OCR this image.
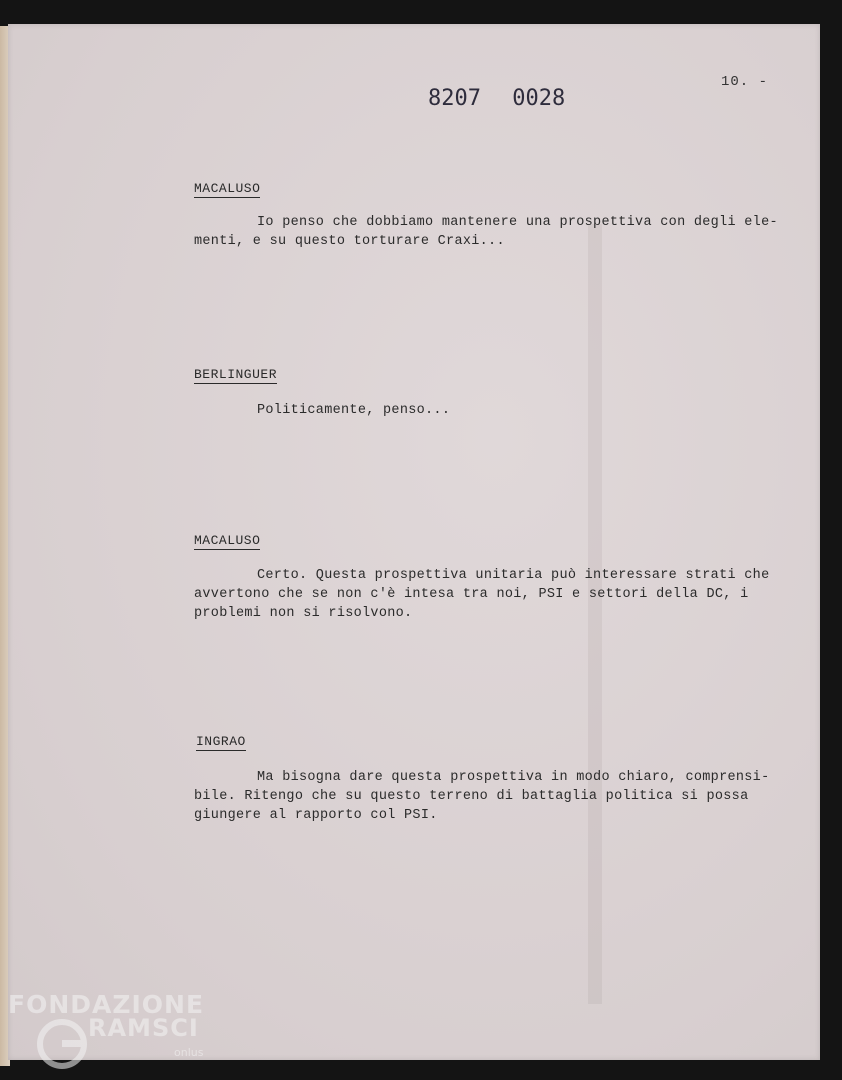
10. -
8207 0028
MACALUSO
Io penso che dobbiamo mantenere una prospettiva con degli ele-
menti, e su questo torturare Craxi...
BERLINGUER
Politicamente, penso...
MACALUSO
Certo. Questa prospettiva unitaria può interessare strati che
avvertono che se non c'è intesa tra noi, PSI e settori della DC, i
problemi non si risolvono.
INGRAO
Ma bisogna dare questa prospettiva in modo chiaro, comprensi-
bile. Ritengo che su questo terreno di battaglia politica si possa
giungere al rapporto col PSI.
FONDAZIONE
RAMSCI
onlus
